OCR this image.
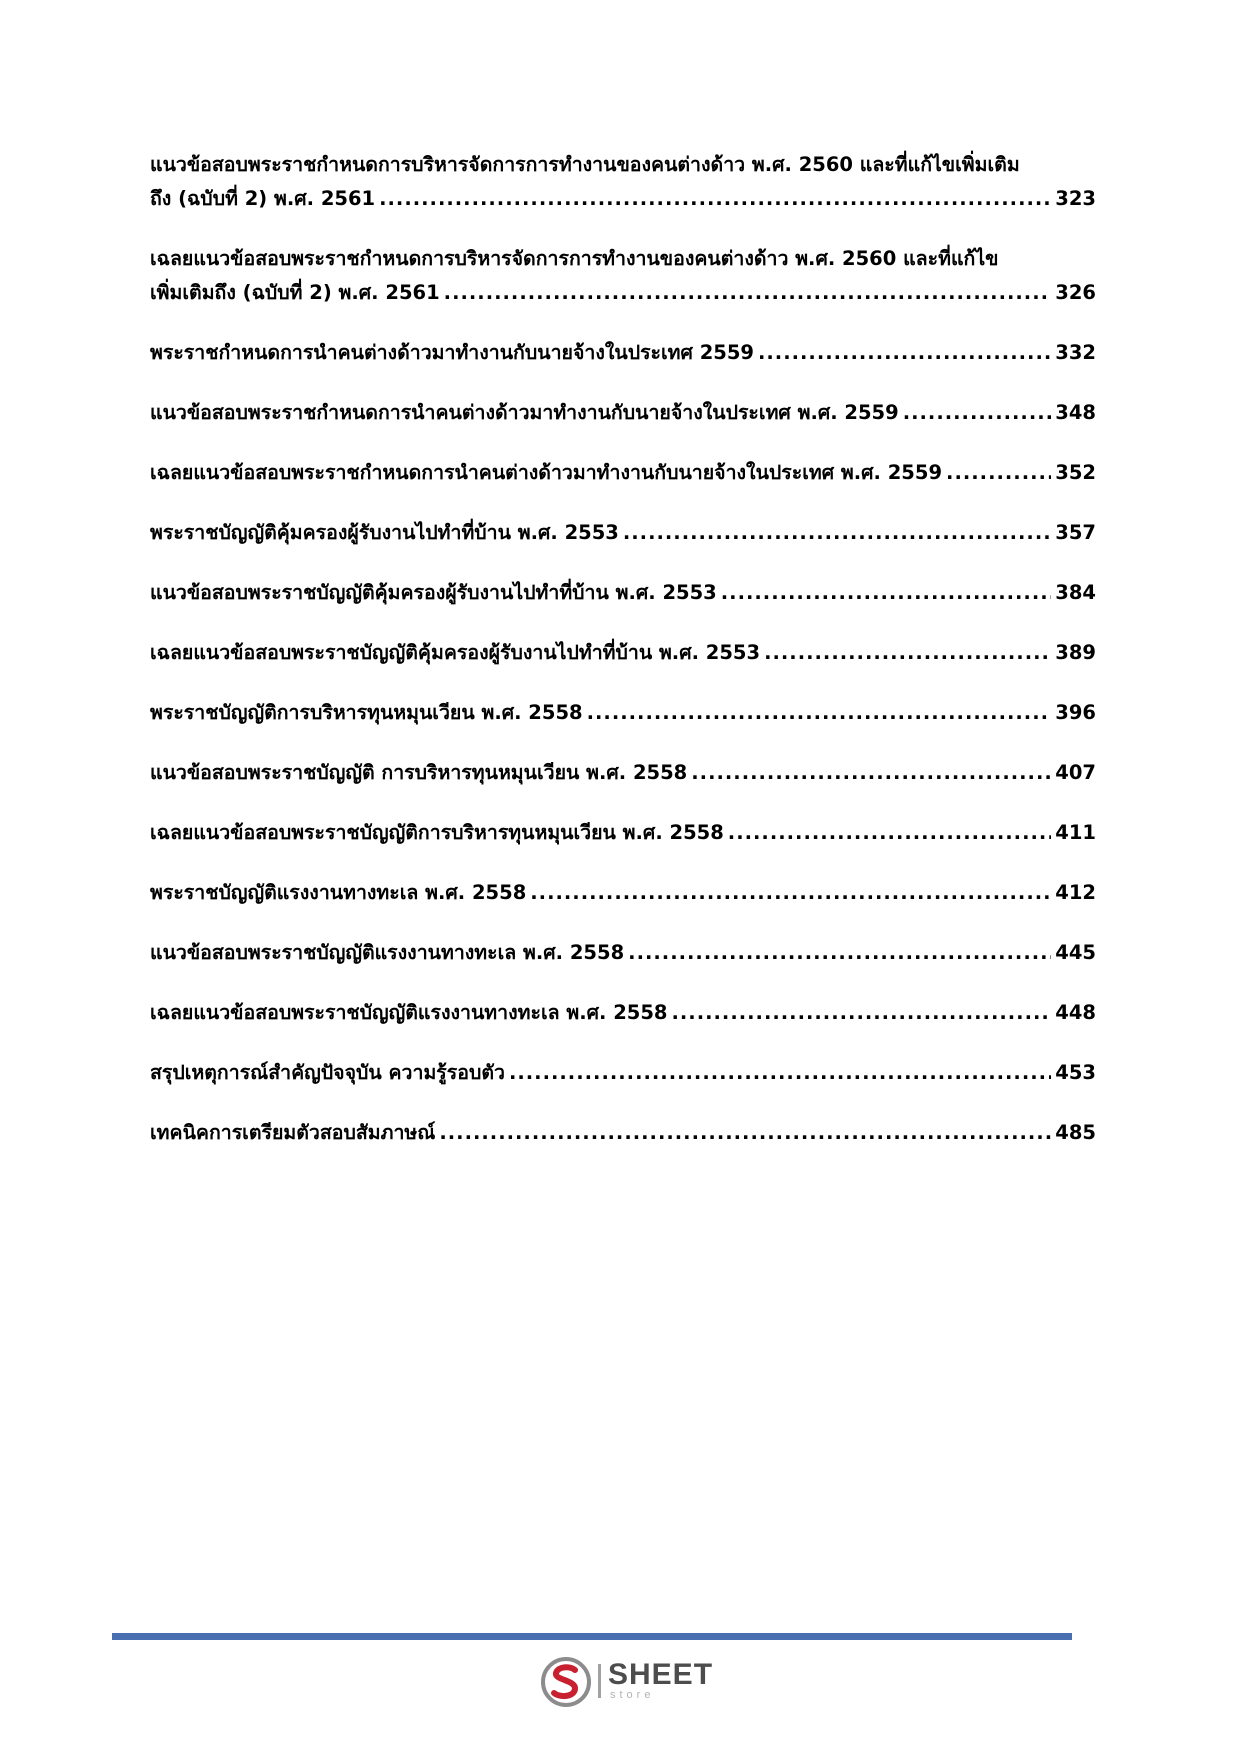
แนวข้อสอบพระราชกำหนดการบริหารจัดการการทำงานของคนต่างด้าว พ.ศ. 2560 และที่แก้ไขเพิ่มเติม
ถึง (ฉบับที่ 2) พ.ศ. 2561 .....	323
เฉลยแนวข้อสอบพระราชกำหนดการบริหารจัดการการทำงานของคนต่างด้าว พ.ศ. 2560 และที่แก้ไข
เพิ่มเติมถึง (ฉบับที่ 2) พ.ศ. 2561 .....	326
พระราชกำหนดการนำคนต่างด้าวมาทำงานกับนายจ้างในประเทศ 2559 .....	332
แนวข้อสอบพระราชกำหนดการนำคนต่างด้าวมาทำงานกับนายจ้างในประเทศ พ.ศ. 2559 .....	348
เฉลยแนวข้อสอบพระราชกำหนดการนำคนต่างด้าวมาทำงานกับนายจ้างในประเทศ พ.ศ. 2559 .....	352
พระราชบัญญัติคุ้มครองผู้รับงานไปทำที่บ้าน พ.ศ. 2553 .....	357
แนวข้อสอบพระราชบัญญัติคุ้มครองผู้รับงานไปทำที่บ้าน พ.ศ. 2553 .....	384
เฉลยแนวข้อสอบพระราชบัญญัติคุ้มครองผู้รับงานไปทำที่บ้าน พ.ศ. 2553 .....	389
พระราชบัญญัติการบริหารทุนหมุนเวียน พ.ศ. 2558 .....	396
แนวข้อสอบพระราชบัญญัติ การบริหารทุนหมุนเวียน พ.ศ. 2558 .....	407
เฉลยแนวข้อสอบพระราชบัญญัติการบริหารทุนหมุนเวียน พ.ศ. 2558 .....	411
พระราชบัญญัติแรงงานทางทะเล พ.ศ. 2558 .....	412
แนวข้อสอบพระราชบัญญัติแรงงานทางทะเล พ.ศ. 2558 .....	445
เฉลยแนวข้อสอบพระราชบัญญัติแรงงานทางทะเล พ.ศ. 2558 .....	448
สรุปเหตุการณ์สำคัญปัจจุบัน ความรู้รอบตัว .....	453
เทคนิคการเตรียมตัวสอบสัมภาษณ์ .....	485
SHEET
store
